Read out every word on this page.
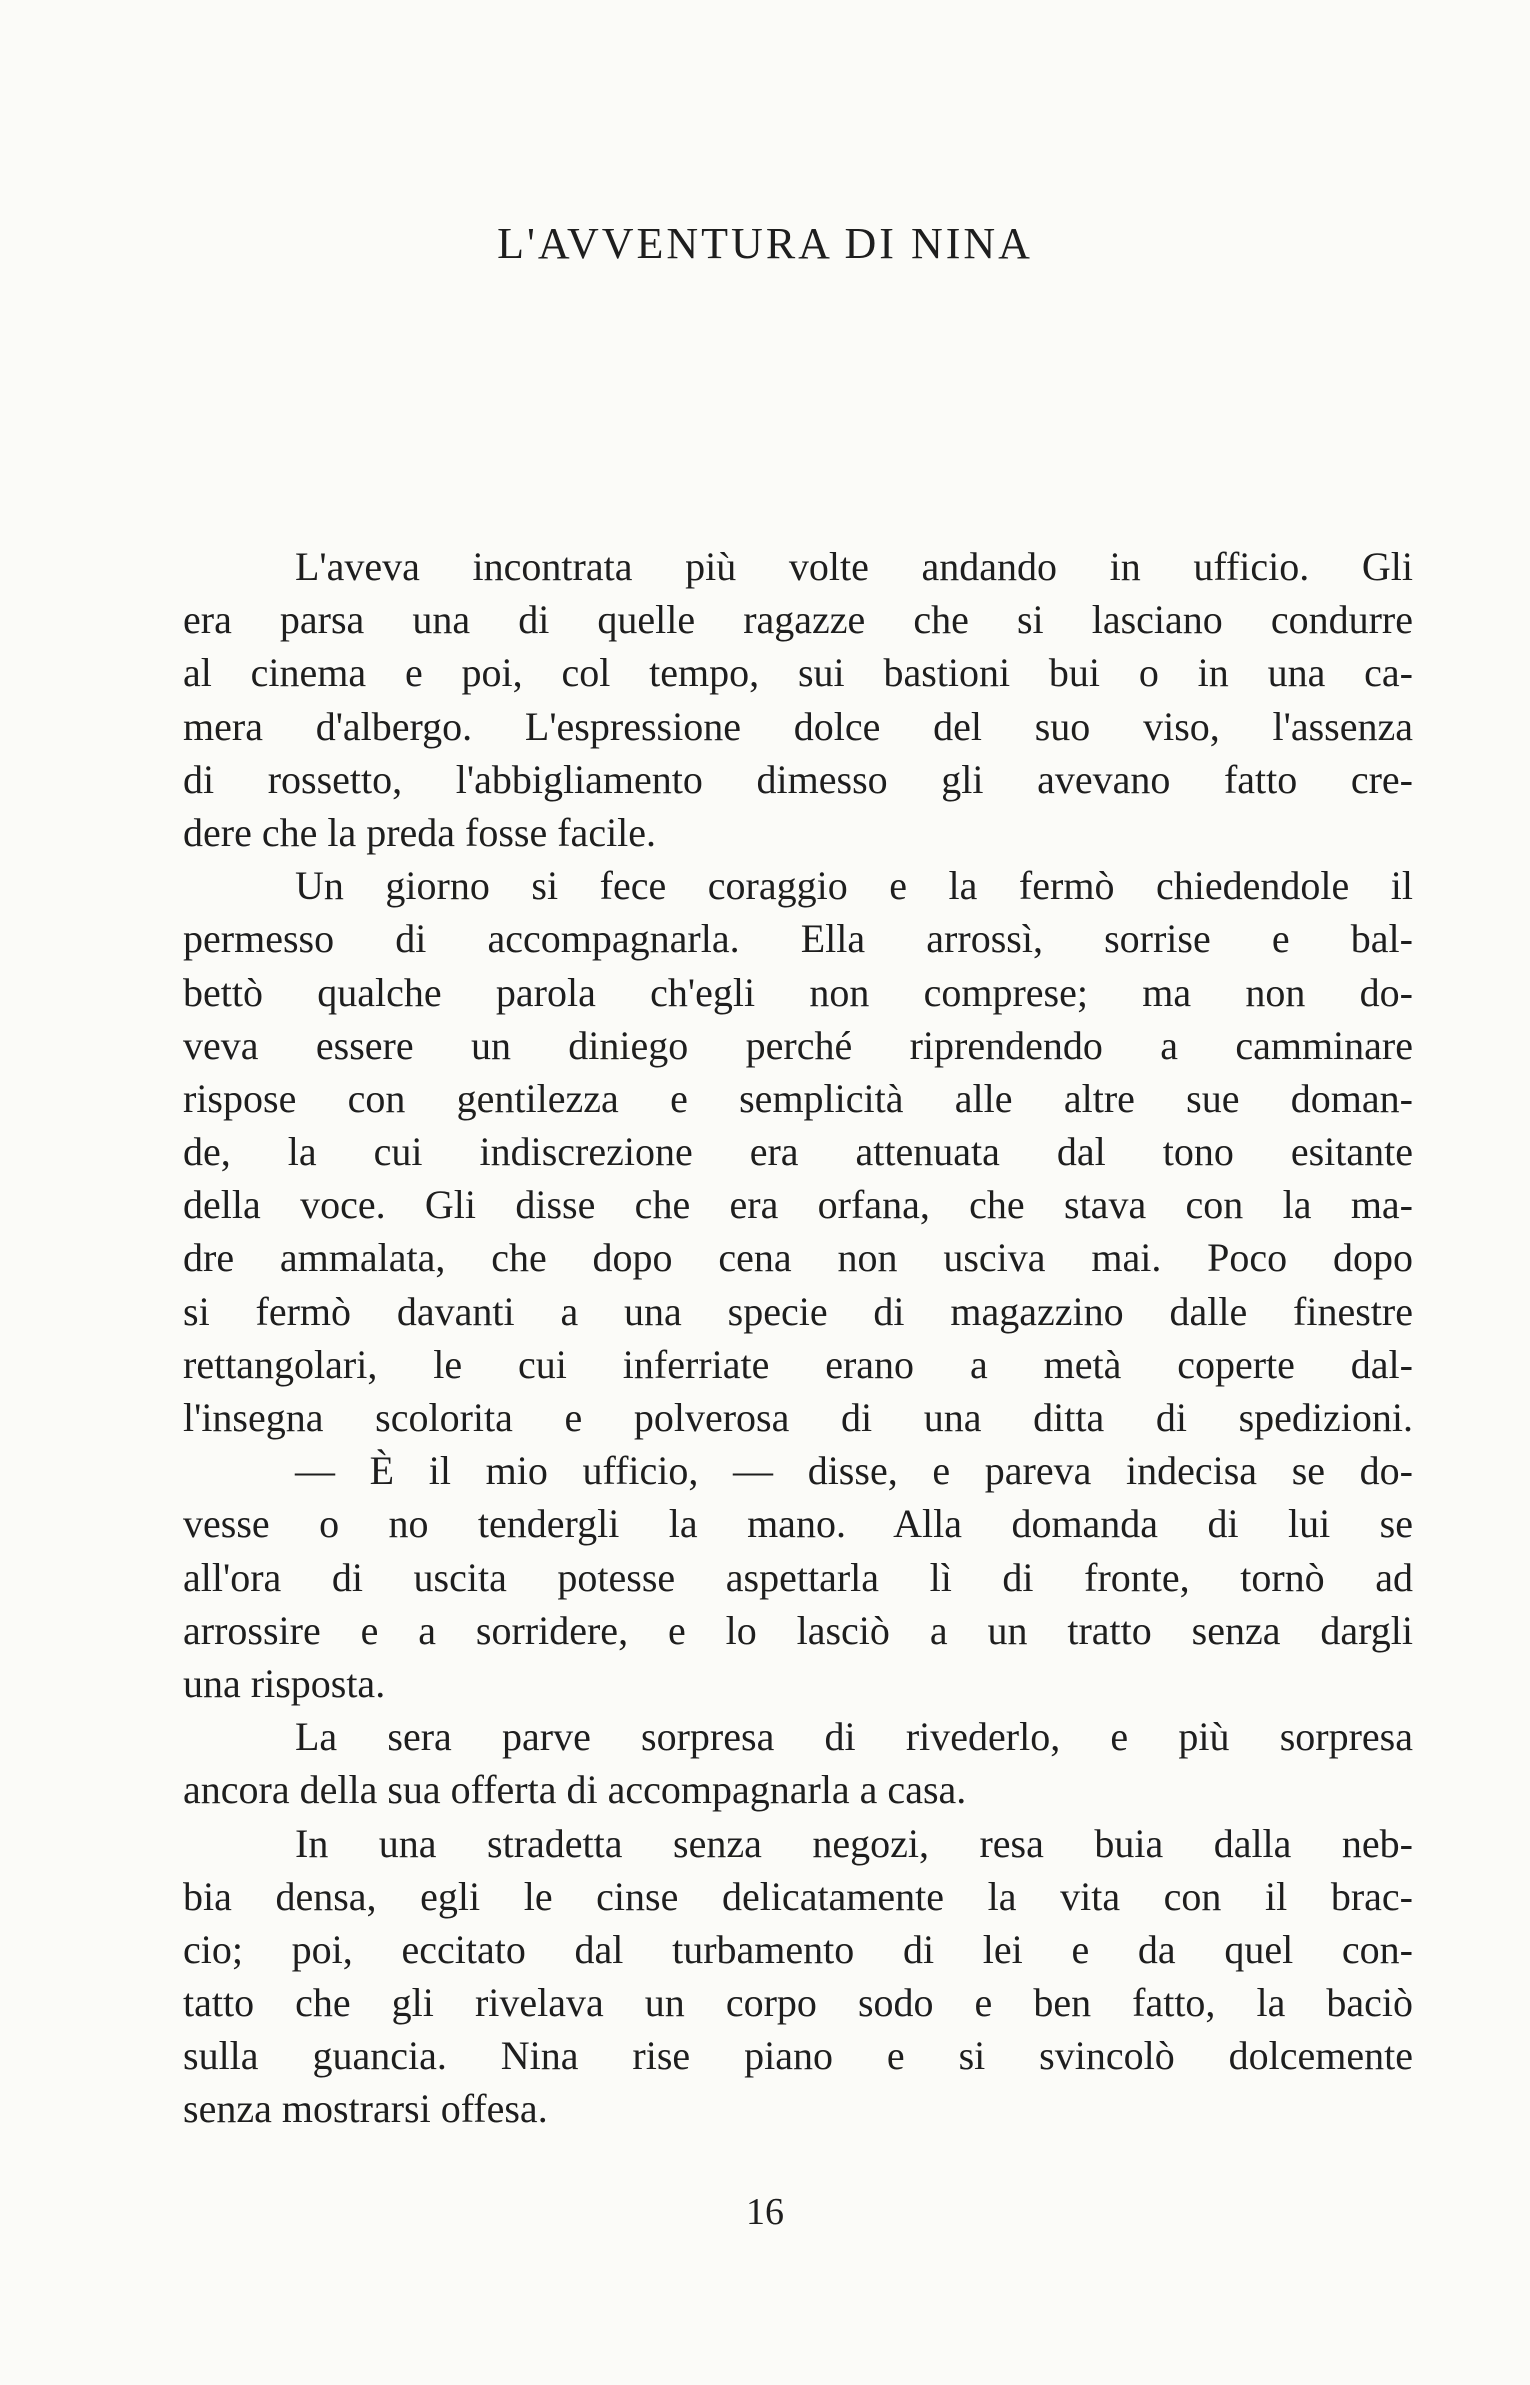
L'AVVENTURA DI NINA
L'aveva incontrata più volte andando in ufficio. Gli
era parsa una di quelle ragazze che si lasciano condurre
al cinema e poi, col tempo, sui bastioni bui o in una ca-
mera d'albergo. L'espressione dolce del suo viso, l'assenza
di rossetto, l'abbigliamento dimesso gli avevano fatto cre-
dere che la preda fosse facile.
Un giorno si fece coraggio e la fermò chiedendole il
permesso di accompagnarla. Ella arrossì, sorrise e bal-
bettò qualche parola ch'egli non comprese; ma non do-
veva essere un diniego perché riprendendo a camminare
rispose con gentilezza e semplicità alle altre sue doman-
de, la cui indiscrezione era attenuata dal tono esitante
della voce. Gli disse che era orfana, che stava con la ma-
dre ammalata, che dopo cena non usciva mai. Poco dopo
si fermò davanti a una specie di magazzino dalle finestre
rettangolari, le cui inferriate erano a metà coperte dal-
l'insegna scolorita e polverosa di una ditta di spedizioni.
— È il mio ufficio, — disse, e pareva indecisa se do-
vesse o no tendergli la mano. Alla domanda di lui se
all'ora di uscita potesse aspettarla lì di fronte, tornò ad
arrossire e a sorridere, e lo lasciò a un tratto senza dargli
una risposta.
La sera parve sorpresa di rivederlo, e più sorpresa
ancora della sua offerta di accompagnarla a casa.
In una stradetta senza negozi, resa buia dalla neb-
bia densa, egli le cinse delicatamente la vita con il brac-
cio; poi, eccitato dal turbamento di lei e da quel con-
tatto che gli rivelava un corpo sodo e ben fatto, la baciò
sulla guancia. Nina rise piano e si svincolò dolcemente
senza mostrarsi offesa.
16
